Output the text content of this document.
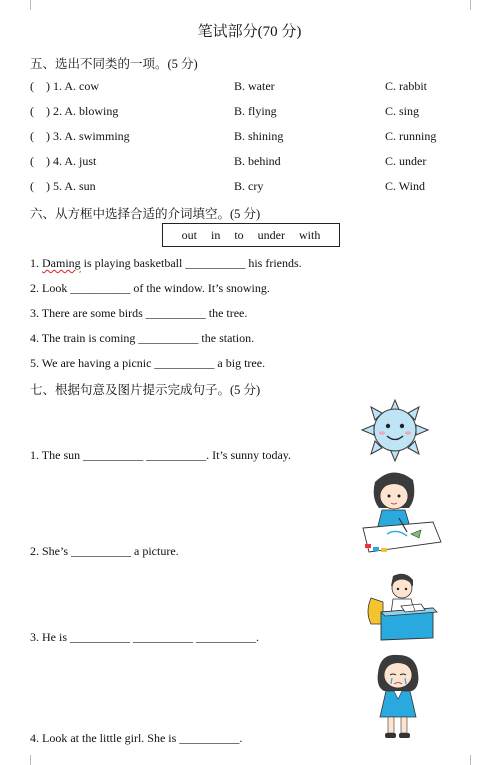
笔试部分(70 分)
五、选出不同类的一项。(5 分)
(    ) 1. A. cow	B. water	C. rabbit
(    ) 2. A. blowing	B. flying	C. sing
(    ) 3. A. swimming	B. shining	C. running
(    ) 4. A. just	B. behind	C. under
(    ) 5. A. sun	B. cry	C. Wind
六、从方框中选择合适的介词填空。(5 分)
out in to under with
1. Daming is playing basketball __________ his friends.
2. Look __________ of the window. It’s snowing.
3. There are some birds __________ the tree.
4. The train is coming __________ the station.
5. We are having a picnic __________ a big tree.
七、根据句意及图片提示完成句子。(5 分)
1. The sun __________ __________. It’s sunny today.
2. She’s __________ a picture.
3. He is __________ __________ __________.
4. Look at the little girl. She is __________.
